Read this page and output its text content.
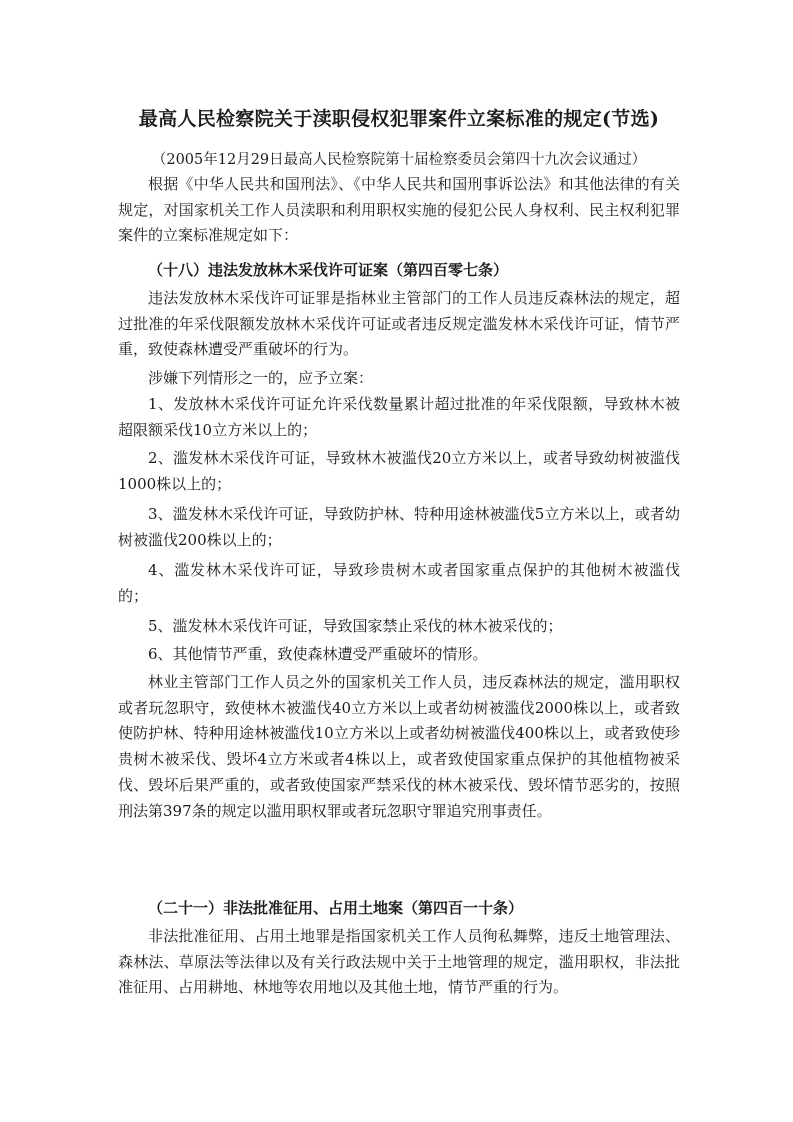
最高人民检察院关于渎职侵权犯罪案件立案标准的规定(节选)

（2005年12月29日最高人民检察院第十届检察委员会第四十九次会议通过）

根据《中华人民共和国刑法》、《中华人民共和国刑事诉讼法》和其他法律的有关规定，对国家机关工作人员渎职和利用职权实施的侵犯公民人身权利、民主权利犯罪案件的立案标准规定如下：

（十八）违法发放林木采伐许可证案（第四百零七条）

违法发放林木采伐许可证罪是指林业主管部门的工作人员违反森林法的规定，超过批准的年采伐限额发放林木采伐许可证或者违反规定滥发林木采伐许可证，情节严重，致使森林遭受严重破坏的行为。

涉嫌下列情形之一的，应予立案：

1、发放林木采伐许可证允许采伐数量累计超过批准的年采伐限额，导致林木被超限额采伐10立方米以上的；

2、滥发林木采伐许可证，导致林木被滥伐20立方米以上，或者导致幼树被滥伐1000株以上的；

3、滥发林木采伐许可证，导致防护林、特种用途林被滥伐5立方米以上，或者幼树被滥伐200株以上的；

4、滥发林木采伐许可证，导致珍贵树木或者国家重点保护的其他树木被滥伐的；

5、滥发林木采伐许可证，导致国家禁止采伐的林木被采伐的；

6、其他情节严重，致使森林遭受严重破坏的情形。

林业主管部门工作人员之外的国家机关工作人员，违反森林法的规定，滥用职权或者玩忽职守，致使林木被滥伐40立方米以上或者幼树被滥伐2000株以上，或者致使防护林、特种用途林被滥伐10立方米以上或者幼树被滥伐400株以上，或者致使珍贵树木被采伐、毁坏4立方米或者4株以上，或者致使国家重点保护的其他植物被采伐、毁坏后果严重的，或者致使国家严禁采伐的林木被采伐、毁坏情节恶劣的，按照刑法第397条的规定以滥用职权罪或者玩忽职守罪追究刑事责任。

（二十一）非法批准征用、占用土地案（第四百一十条）

非法批准征用、占用土地罪是指国家机关工作人员徇私舞弊，违反土地管理法、森林法、草原法等法律以及有关行政法规中关于土地管理的规定，滥用职权，非法批准征用、占用耕地、林地等农用地以及其他土地，情节严重的行为。
